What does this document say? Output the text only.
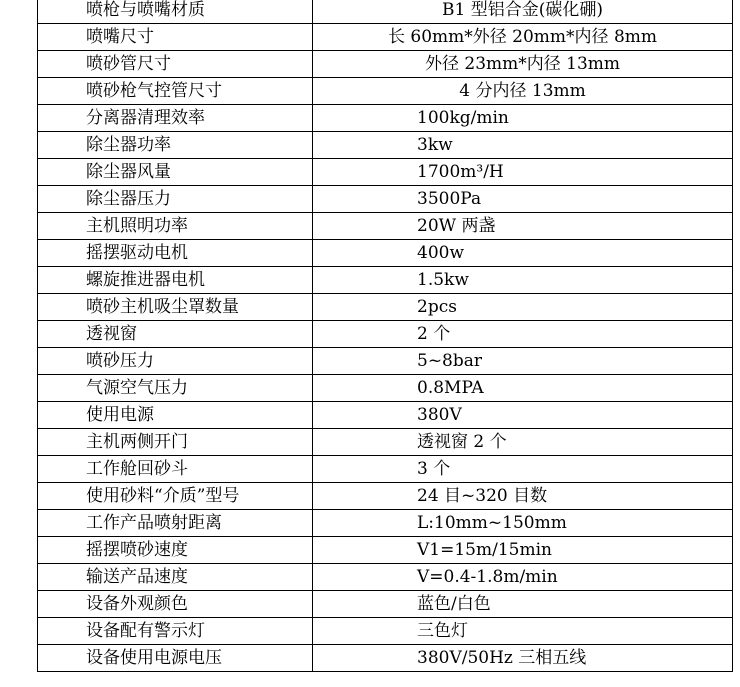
喷枪与喷嘴材质	B1 型铝合金(碳化硼)
喷嘴尺寸	长 60mm*外径 20mm*内径 8mm
喷砂管尺寸	外径 23mm*内径 13mm
喷砂枪气控管尺寸	4 分内径 13mm
分离器清理效率	100kg/min
除尘器功率	3kw
除尘器风量	1700m³/H
除尘器压力	3500Pa
主机照明功率	20W 两盏
摇摆驱动电机	400w
螺旋推进器电机	1.5kw
喷砂主机吸尘罩数量	2pcs
透视窗	2 个
喷砂压力	5~8bar
气源空气压力	0.8MPA
使用电源	380V
主机两侧开门	透视窗 2 个
工作舱回砂斗	3 个
使用砂料“介质”型号	24 目~320 目数
工作产品喷射距离	L:10mm~150mm
摇摆喷砂速度	V1=15m/15min
输送产品速度	V=0.4-1.8m/min
设备外观颜色	蓝色/白色
设备配有警示灯	三色灯
设备使用电源电压	380V/50Hz 三相五线
